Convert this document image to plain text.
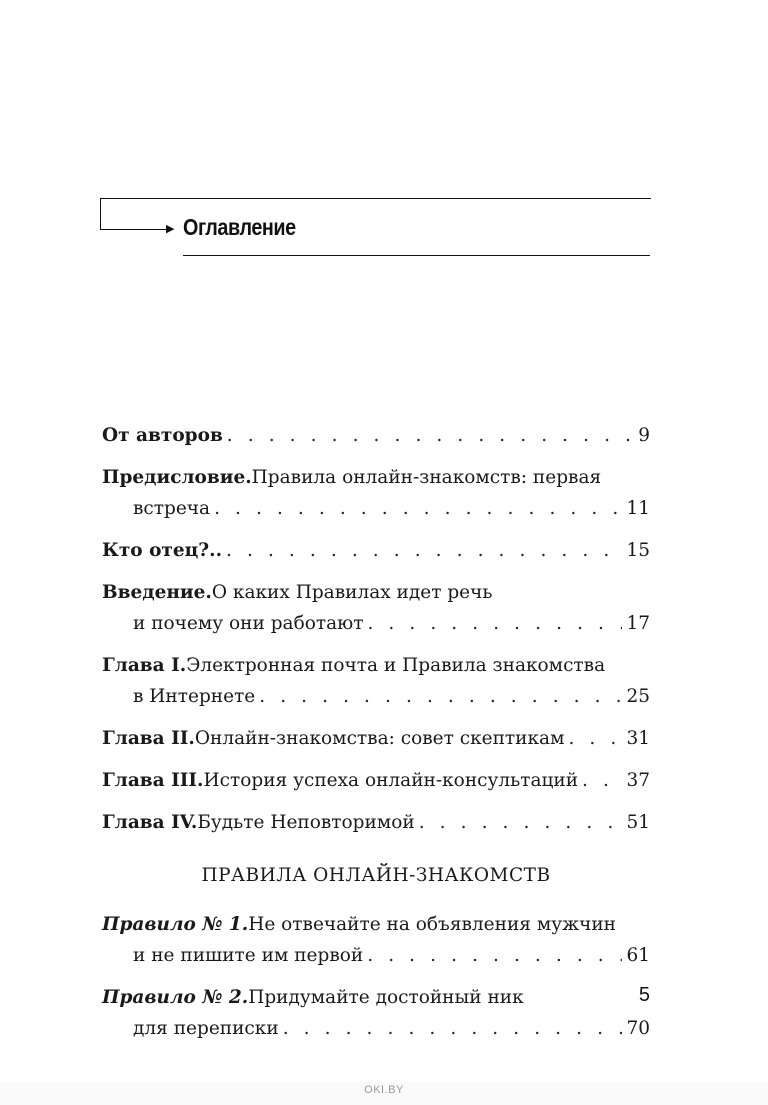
▶ Оглавление
От авторов . . .	9
Предисловие. Правила онлайн-знакомств: первая
встреча . . .	11
Кто отец?.. . . .	15
Введение. О каких Правилах идет речь
и почему они работают . . .	17
Глава I. Электронная почта и Правила знакомства
в Интернете . . .	25
Глава II. Онлайн-знакомства: совет скептикам . . .	31
Глава III. История успеха онлайн-консультаций . . .	37
Глава IV. Будьте Неповторимой . . .	51
ПРАВИЛА ОНЛАЙН-ЗНАКОМСТВ
Правило № 1. Не отвечайте на объявления мужчин
и не пишите им первой . . .	61
Правило № 2. Придумайте достойный ник
для переписки . . .	70
5
OKI.BY
